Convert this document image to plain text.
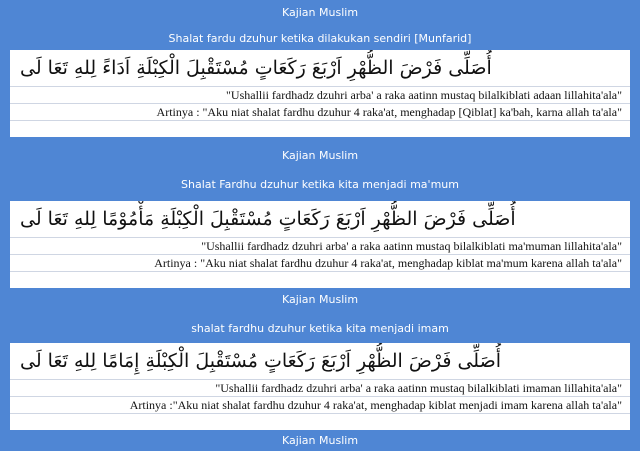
Kajian Muslim
Shalat fardu dzuhur ketika dilakukan sendiri [Munfarid]
أُصَلِّى فَرْضَ الظُّهْرِ اَرْبَعَ رَكَعَاتٍ مُسْتَقْبِلَ الْكِبْلَةِ اَدَاءً لِلهِ تَعَا لَى
"Ushallii fardhadz dzuhri arba' a raka aatinn mustaq bilalkiblati adaan lillahita'ala"
Artinya : "Aku niat shalat fardhu dzuhur 4 raka'at, menghadap [Qiblat] ka'bah, karna allah ta'ala"
Kajian Muslim
Shalat Fardhu dzuhur ketika kita menjadi ma'mum
أُصَلِّى فَرْضَ الظُّهْرِ اَرْبَعَ رَكَعَاتٍ مُسْتَقْبِلَ الْكِبْلَةِ مَأْمُوْمًا لِلهِ تَعَا لَى
"Ushallii fardhadz dzuhri arba' a raka aatinn mustaq bilalkiblati ma'muman lillahita'ala"
Artinya : "Aku niat shalat fardhu dzuhur 4 raka'at, menghadap kiblat ma'mum karena allah ta'ala"
Kajian Muslim
shalat fardhu dzuhur ketika kita menjadi imam
أُصَلِّى فَرْضَ الظُّهْرِ اَرْبَعَ رَكَعَاتٍ مُسْتَقْبِلَ الْكِبْلَةِ إِمَامًا لِلهِ تَعَا لَى
"Ushallii fardhadz dzuhri arba' a raka aatinn mustaq bilalkiblati imaman lillahita'ala"
Artinya :"Aku niat shalat fardhu dzuhur 4 raka'at, menghadap kiblat menjadi imam karena allah ta'ala"
Kajian Muslim
